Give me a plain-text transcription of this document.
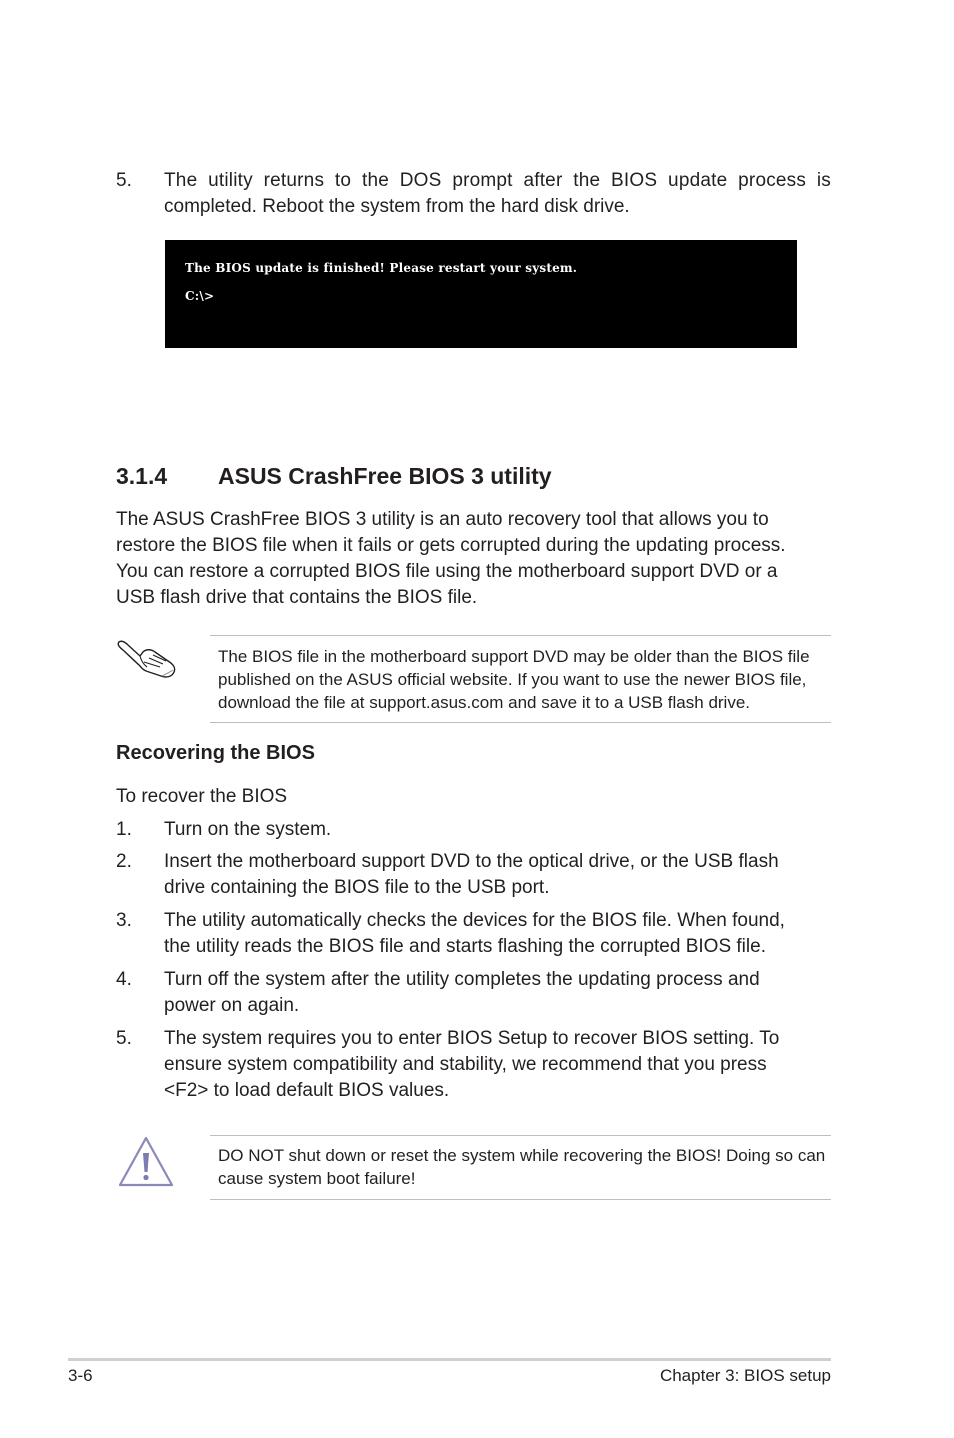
5. The utility returns to the DOS prompt after the BIOS update process is
completed. Reboot the system from the hard disk drive.
The BIOS update is finished! Please restart your system.
C:\>
3.1.4 ASUS CrashFree BIOS 3 utility
The ASUS CrashFree BIOS 3 utility is an auto recovery tool that allows you to restore the BIOS file when it fails or gets corrupted during the updating process. You can restore a corrupted BIOS file using the motherboard support DVD or a USB flash drive that contains the BIOS file.
The BIOS file in the motherboard support DVD may be older than the BIOS file published on the ASUS official website. If you want to use the newer BIOS file, download the file at support.asus.com and save it to a USB flash drive.
Recovering the BIOS
To recover the BIOS
1. Turn on the system.
2. Insert the motherboard support DVD to the optical drive, or the USB flash drive containing the BIOS file to the USB port.
3. The utility automatically checks the devices for the BIOS file. When found, the utility reads the BIOS file and starts flashing the corrupted BIOS file.
4. Turn off the system after the utility completes the updating process and power on again.
5. The system requires you to enter BIOS Setup to recover BIOS setting. To ensure system compatibility and stability, we recommend that you press <F2> to load default BIOS values.
DO NOT shut down or reset the system while recovering the BIOS! Doing so can cause system boot failure!
3-6	Chapter 3: BIOS setup
